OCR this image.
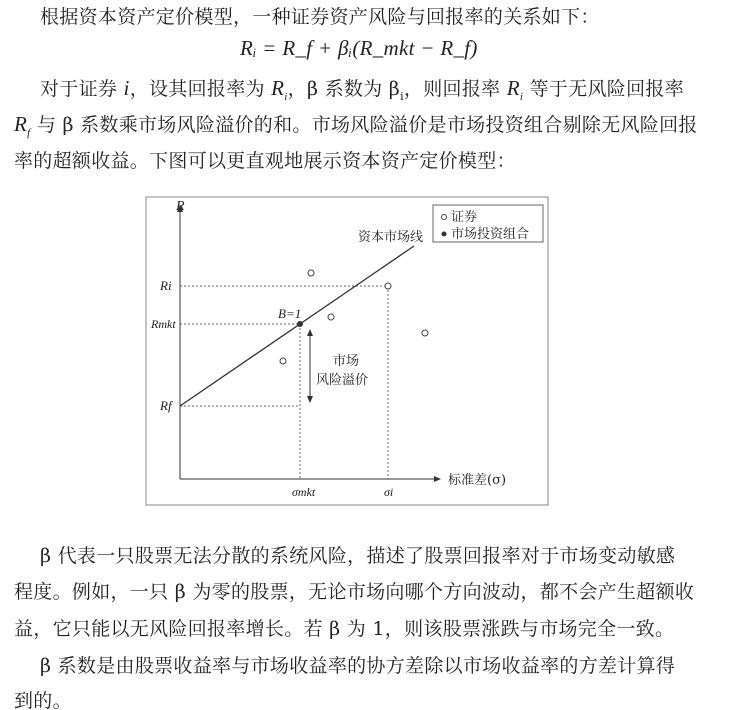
根据资本资产定价模型，一种证券资产风险与回报率的关系如下：
Rᵢ = R_f + βᵢ(R_mkt − R_f)
对于证券 i，设其回报率为 $R_i$，β 系数为 $\beta_i$，则回报率 $R_i$ 等于无风险回报率
$R_f$ 与 β 系数乘市场风险溢价的和。市场风险溢价是市场投资组合剔除无风险回报
率的超额收益。下图可以更直观地展示资本资产定价模型：
R
标准差(σ)
Ri
Rmkt
Rf
σmkt	σi
资本市场线
B=1
市场
风险溢价
证券
市场投资组合
β 代表一只股票无法分散的系统风险，描述了股票回报率对于市场变动敏感
程度。例如，一只 β 为零的股票，无论市场向哪个方向波动，都不会产生超额收
益，它只能以无风险回报率增长。若 β 为 1，则该股票涨跌与市场完全一致。
β 系数是由股票收益率与市场收益率的协方差除以市场收益率的方差计算得
到的。
